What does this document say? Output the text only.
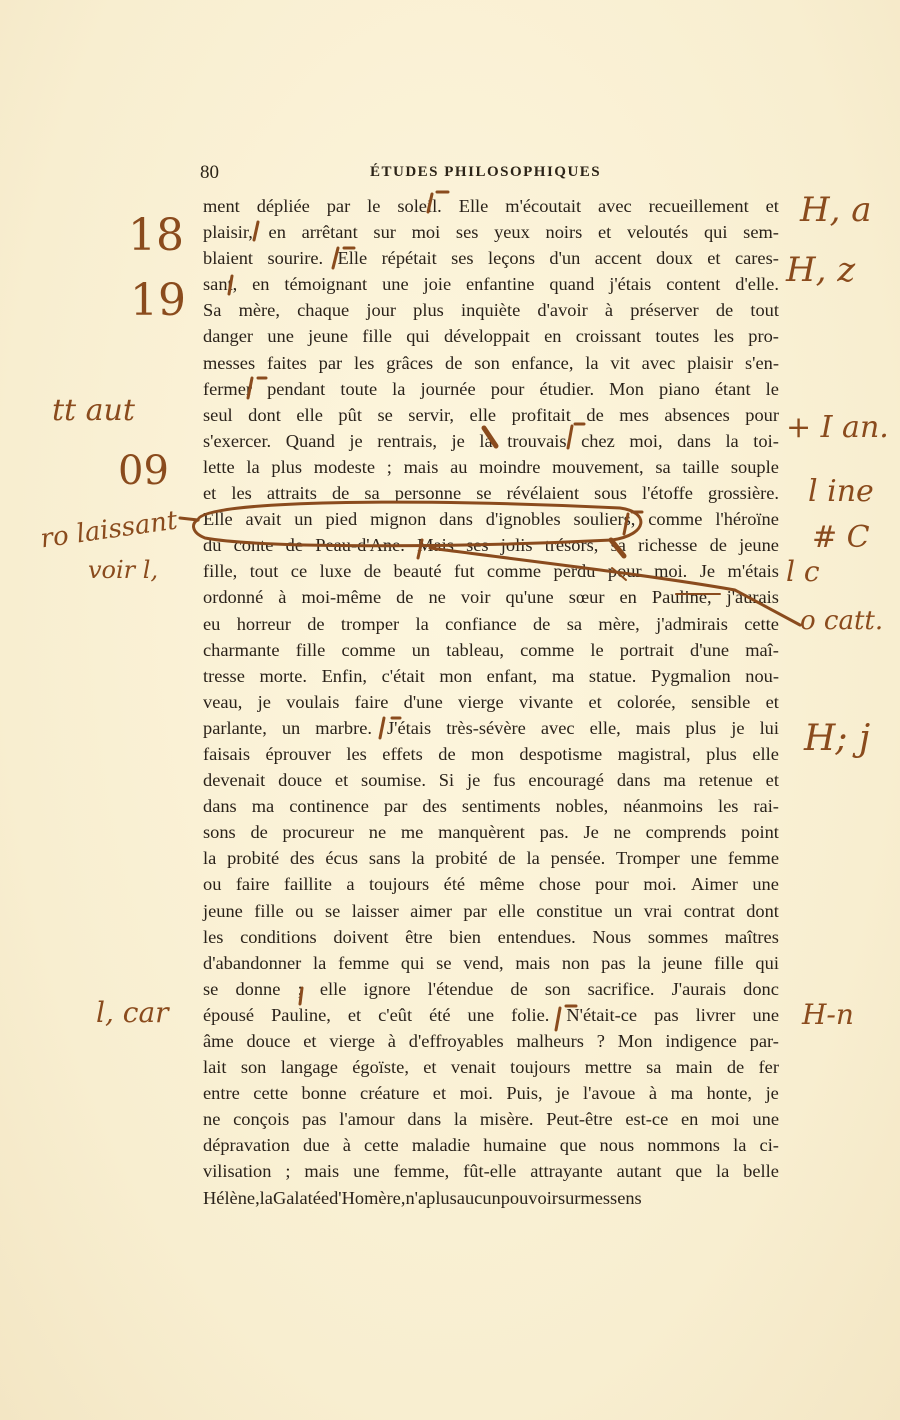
80	ÉTUDES PHILOSOPHIQUES
ment dépliée par le soleil. Elle m'écoutait avec recueillement et
plaisir, en arrêtant sur moi ses yeux noirs et veloutés qui sem-
blaient sourire. Elle répétait ses leçons d'un accent doux et cares-
sant, en témoignant une joie enfantine quand j'étais content d'elle.
Sa mère, chaque jour plus inquiète d'avoir à préserver de tout
danger une jeune fille qui développait en croissant toutes les pro-
messes faites par les grâces de son enfance, la vit avec plaisir s'en-
fermer pendant toute la journée pour étudier. Mon piano étant le
seul dont elle pût se servir, elle profitait de mes absences pour
s'exercer. Quand je rentrais, je la trouvais chez moi, dans la toi-
lette la plus modeste ; mais au moindre mouvement, sa taille souple
et les attraits de sa personne se révélaient sous l'étoffe grossière.
Elle avait un pied mignon dans d'ignobles souliers, comme l'héroïne
du conte de Peau-d'Ane. Mais ses jolis trésors, sa richesse de jeune
fille, tout ce luxe de beauté fut comme perdu pour moi. Je m'étais
ordonné à moi-même de ne voir qu'une sœur en Pauline, j'aurais
eu horreur de tromper la confiance de sa mère, j'admirais cette
charmante fille comme un tableau, comme le portrait d'une maî-
tresse morte. Enfin, c'était mon enfant, ma statue. Pygmalion nou-
veau, je voulais faire d'une vierge vivante et colorée, sensible et
parlante, un marbre. J'étais très-sévère avec elle, mais plus je lui
faisais éprouver les effets de mon despotisme magistral, plus elle
devenait douce et soumise. Si je fus encouragé dans ma retenue et
dans ma continence par des sentiments nobles, néanmoins les rai-
sons de procureur ne me manquèrent pas. Je ne comprends point
la probité des écus sans la probité de la pensée. Tromper une femme
ou faire faillite a toujours été même chose pour moi. Aimer une
jeune fille ou se laisser aimer par elle constitue un vrai contrat dont
les conditions doivent être bien entendues. Nous sommes maîtres
d'abandonner la femme qui se vend, mais non pas la jeune fille qui
se donne ; elle ignore l'étendue de son sacrifice. J'aurais donc
épousé Pauline, et c'eût été une folie. N'était-ce pas livrer une
âme douce et vierge à d'effroyables malheurs ? Mon indigence par-
lait son langage égoïste, et venait toujours mettre sa main de fer
entre cette bonne créature et moi. Puis, je l'avoue à ma honte, je
ne conçois pas l'amour dans la misère. Peut-être est-ce en moi une
dépravation due à cette maladie humaine que nous nommons la ci-
vilisation ; mais une femme, fût-elle attrayante autant que la belle
Hélène, la Galatée d'Homère, n'a plus aucun pouvoir sur mes sens
18
19
tt aut
09
ro laissant
voir l,
l, car
H, a
H, z
+ I an.
l ine
# C
l c
o catt.
H; j
H-n
